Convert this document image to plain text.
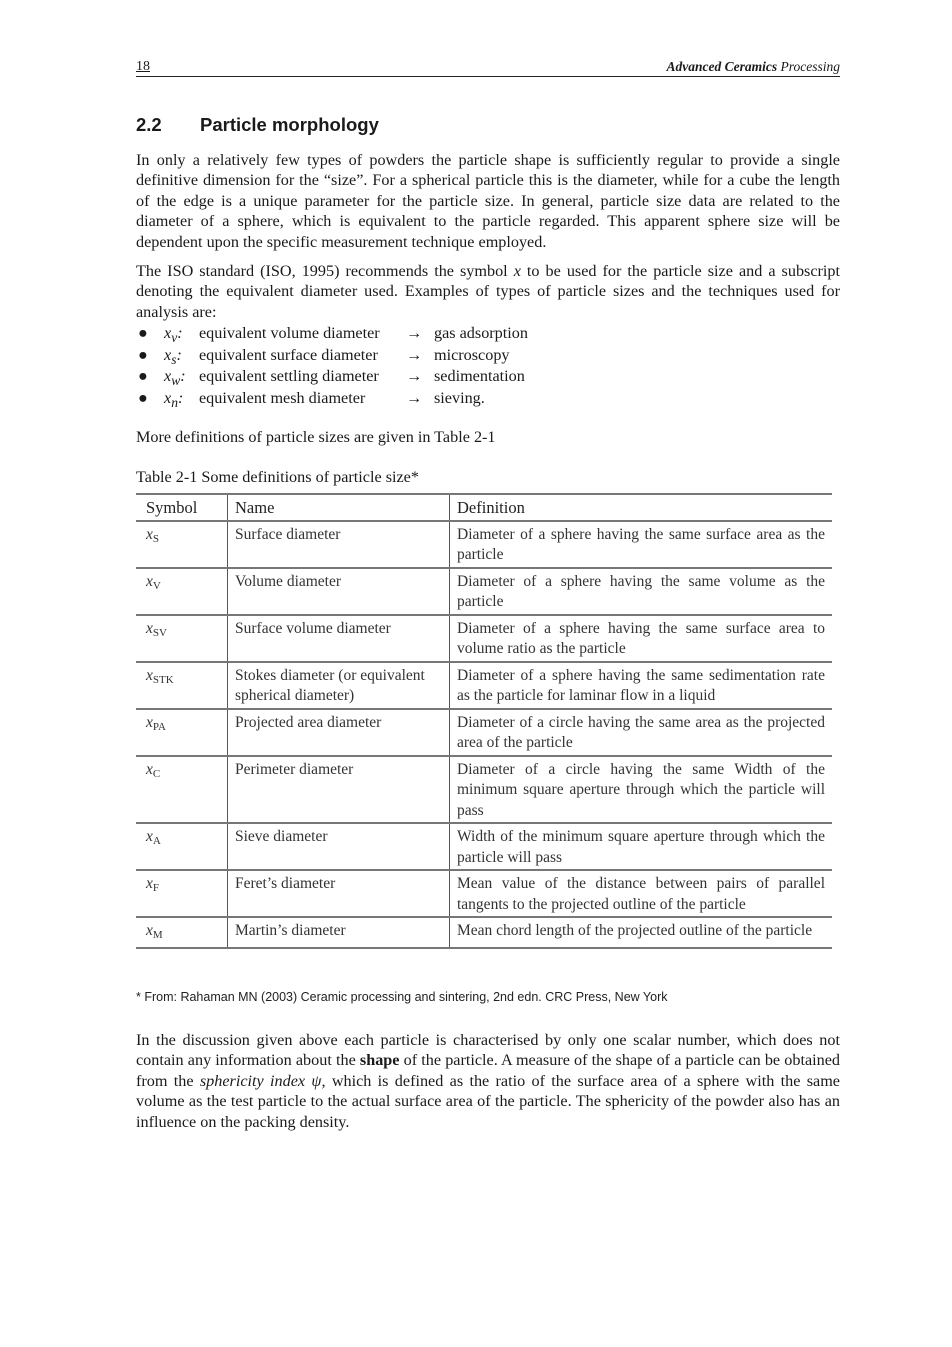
18	Advanced Ceramics Processing
2.2 Particle morphology

In only a relatively few types of powders the particle shape is sufficiently regular to provide a single definitive dimension for the “size”. For a spherical particle this is the diameter, while for a cube the length of the edge is a unique parameter for the particle size. In general, particle size data are related to the diameter of a sphere, which is equivalent to the particle regarded. This apparent sphere size will be dependent upon the specific measurement technique employed.

The ISO standard (ISO, 1995) recommends the symbol x to be used for the particle size and a subscript denoting the equivalent diameter used. Examples of types of particle sizes and the techniques used for analysis are:

● $x_v$: equivalent volume diameter → gas adsorption
● $x_s$: equivalent surface diameter → microscopy
● $x_w$: equivalent settling diameter → sedimentation
● $x_n$: equivalent mesh diameter	→ sieving.
More definitions of particle sizes are given in Table 2-1
Table 2-1 Some definitions of particle size*
Symbol	Name	Definition
$x_S$	Surface diameter	Diameter of a sphere having the same surface area as the particle
$x_V$	Volume diameter	Diameter of a sphere having the same volume as the particle
$x_{SV}$	Surface volume diameter	Diameter of a sphere having the same surface area to volume ratio as the particle
$x_{STK}$	Stokes diameter (or equivalent spherical diameter)	Diameter of a sphere having the same sedimentation rate as the particle for laminar flow in a liquid
$x_{PA}$	Projected area diameter	Diameter of a circle having the same area as the projected area of the particle
$x_C$	Perimeter diameter	Diameter of a circle having the same Width of the minimum square aperture through which the particle will pass
$x_A$	Sieve diameter	Width of the minimum square aperture through which the particle will pass
$x_F$	Feret’s diameter	Mean value of the distance between pairs of parallel tangents to the projected outline of the particle
$x_M$	Martin’s diameter	Mean chord length of the projected outline of the particle
* From: Rahaman MN (2003) Ceramic processing and sintering, 2nd edn. CRC Press, New York

In the discussion given above each particle is characterised by only one scalar number, which does not contain any information about the shape of the particle. A measure of the shape of a particle can be obtained from the sphericity index ψ, which is defined as the ratio of the surface area of a sphere with the same volume as the test particle to the actual surface area of the particle. The sphericity of the powder also has an influence on the packing density.
